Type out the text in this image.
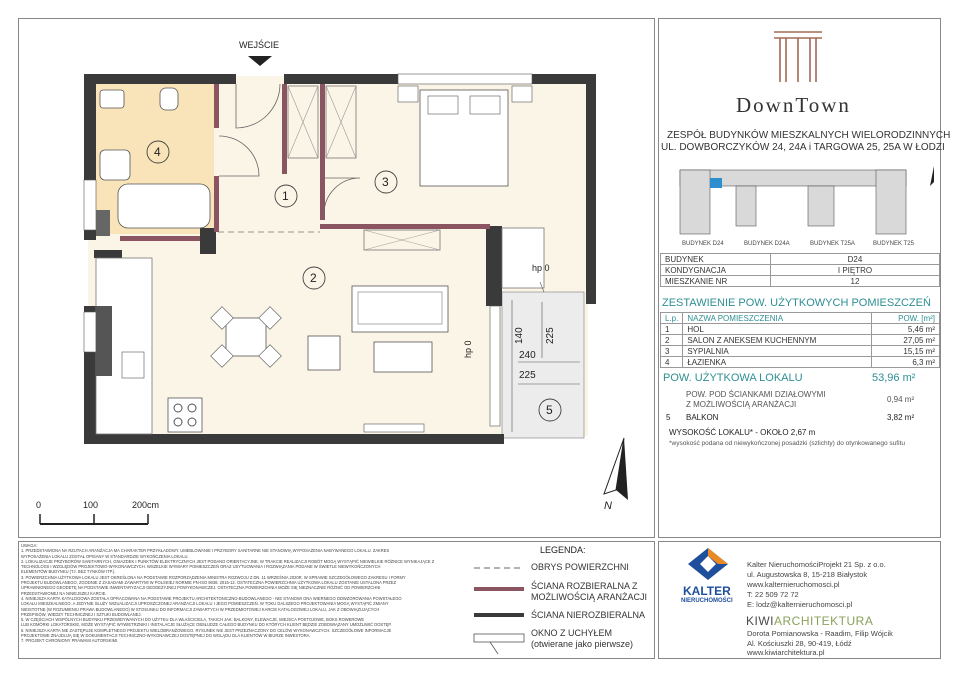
WEJŚCIE
1
2
3
4
5
hp 0
hp 0
140 225
240
225
0	100	200cm	N
DownTown
ZESPÓŁ BUDYNKÓW MIESZKALNYCH WIELORODZINNYCH
UL. DOWBORCZYKÓW 24, 24A i TARGOWA 25, 25A W ŁODZI
BUDYNEK D24	BUDYNEK D24A	BUDYNEK T25A	BUDYNEK T25
BUDYNEK	D24
KONDYGNACJA	I PIĘTRO
MIESZKANIE NR	12
ZESTAWIENIE POW. UŻYTKOWYCH POMIESZCZEŃ
L.p.	NAZWA POMIESZCZENIA	POW. [m²]
1	HOL	5,46 m²
2	SALON Z ANEKSEM KUCHENNYM	27,05 m²
3	SYPIALNIA	15,15 m²
4	ŁAZIENKA	6,3 m²
POW. UŻYTKOWA LOKALU	53,96 m²
POW. POD ŚCIANKAMI DZIAŁOWYMI
Z MOŻLIWOŚCIĄ ARANŻACJI
0,94 m²
5 BALKON	3,82 m²
WYSOKOŚĆ LOKALU* - OKOŁO 2,67 m
*wysokość podana od niewykończonej posadzki (szlichty) do otynkowanego sufitu
UWAGA:
1. PRZEDSTAWIONA NA RZUTACH ARANŻACJA MA CHARAKTER PRZYKŁADOWY. UMEBLOWANIE I PRZYBORY SANITARNE NIE STANOWIĄ WYPOSAŻENIA NABYWANEGO LOKALU. ZAKRES
WYPOSAŻENIA LOKALU ZOSTAŁ OPISANY W STANDARDZIE WYKOŃCZENIA LOKALU.
2. LOKALIZACJE PRZYBORÓW SANITARNYCH, GNIAZDEK I PUNKTÓW ELEKTRYCZNYCH JEST PODANO ORIENTACYJNE. W TRAKCIE REALIZACJI ROBÓT MOGĄ WYSTĄPIĆ NIEWIELKIE RÓŻNICE WYNIKAJĄCE Z
TECHNOLOGII I WZGLĘDÓW PROJEKTOWO-WYKONAWCZYCH. WSZELKIE WYMIARY POMIESZCZEŃ ORAZ USYTUOWANIA I ROZWIĄZANIA PODANE W ŚWIETLE NIEWYKOŃCZONYCH
ELEMENTÓW BUDYNKU (TJ. BEZ TYNKÓW ITP.).
3. POWIERZCHNIA UŻYTKOWA LOKALU JEST OKREŚLONA NA PODSTAWIE ROZPORZĄDZENIA MINISTRA ROZWOJU Z DN. 11 WRZEŚNIA 2020R. W SPRAWIE SZCZEGÓŁOWEGO ZAKRESU I FORMY
PROJEKTU BUDOWLANEGO, ZGODNIE Z ZASADAMI ZAWARTYMI W POLSKIEJ NORMIE PN-ISO 9836: 2015-12. OSTATECZNA POWIERZCHNIA UŻYTKOWA LOKALU ZOSTANIE USTALONA PRZEZ
UPRAWNIONEGO GEODETĘ NA PODSTAWIE INWENTARYZACJI GEODEZYJNEJ POWYKONAWCZEJ. OSTATECZNA POWIERZCHNIA MOŻE SIĘ NIEZNACZNIE RÓŻNIĆ OD POWIERZCHNI
PRZEDSTAWIONEJ NA NINIEJSZEJ KARCIE.
4. NINIEJSZA KARTA KATALOGOWA ZOSTAŁA OPRACOWANA NA PODSTAWIE PROJEKTU ARCHITEKTONICZNO-BUDOWLANEGO - NIE STANOWI ONA WIERNEGO ODWZOROWANIA POWSTAŁEGO
LOKALU MIESZKALNEGO. A JEDYNIE SŁUŻY WIZUALIZACJI UPROSZCZONEJ ARANŻACJI LOKALU I JEGO POMIESZCZEŃ. W TOKU DALSZEGO PROJEKTOWANIA MOGĄ WYSTĄPIĆ ZMIANY
NIEISTOTNE (W ROZUMIENIU PRAWA BUDOWLANEGO) W STOSUNKU DO INFORMACJI ZAWARTYCH W PRZEDMIOTOWEJ KARCIE KATALOGOWEJ LOKALU, JAK Z OBOWIĄZUJĄCYCH
PRZEPISÓW, WIEDZY TECHNICZNEJ I SZTUKI BUDOWLANEJ.
5. W CZĘŚCIACH WSPÓLNYCH BUDYNKU PRZEWIDYWANYCH DO UŻYTKU DLA WŁAŚCICIELA, TAKICH JAK: BALKONY, ELEWACJE, MIEJSCA POSTOJOWE, BOKS ROWEROWE
LUB KOMÓRKI LOKATORSKIE, MOŻE WYSTĄPIĆ WYWIETRZNIKI I INSTALACJE SŁUŻĄCE OBSŁUDZE CAŁEGO BUDYNKU DO KTÓRYCH KLIENT BĘDZIE ZOBOWIĄZANY UMOŻLIWIĆ DOSTĘP.
6. NINIEJSZA KARTA NIE ZASTĘPUJE KOMPLETNEGO PROJEKTU WIELOBRANŻOWEGO. RYSUNEK NIE JEST PRZEZNACZONY DO CELÓW WYKONAWCZYCH. SZCZEGÓŁOWE INFORMACJE
PROJEKTOWE ZNAJDUJĄ SIĘ W DOKUMENTACJI TECHNICZNO-WYKONAWCZEJ DOSTĘPNEJ DO WGLĄDU DLA KLIENTÓW W BIURZE INWESTORA.
7. PROJEKT CHRONIONY PRAWAMI AUTORSKIMI.
LEGENDA:
OBRYS POWIERZCHNI
ŚCIANA ROZBIERALNA Z
MOŻLIWOŚCIĄ ARANŻACJI
ŚCIANA NIEROZBIERALNA
OKNO Z UCHYŁEM
(otwierane jako pierwsze)
KALTER
NIERUCHOMOŚCI
Kalter NieruchomościProjekt 21 Sp. z o.o.
ul. Augustowska 8, 15-218 Białystok
www.kalternieruchomosci.pl
T: 22 509 72 72
E: lodz@kalternieruchomosci.pl
KIWIARCHITEKTURA
Dorota Pomianowska - Raadim, Filip Wójcik
Al. Kościuszki 28, 90-419, Łódź
www.kiwiarchitektura.pl
